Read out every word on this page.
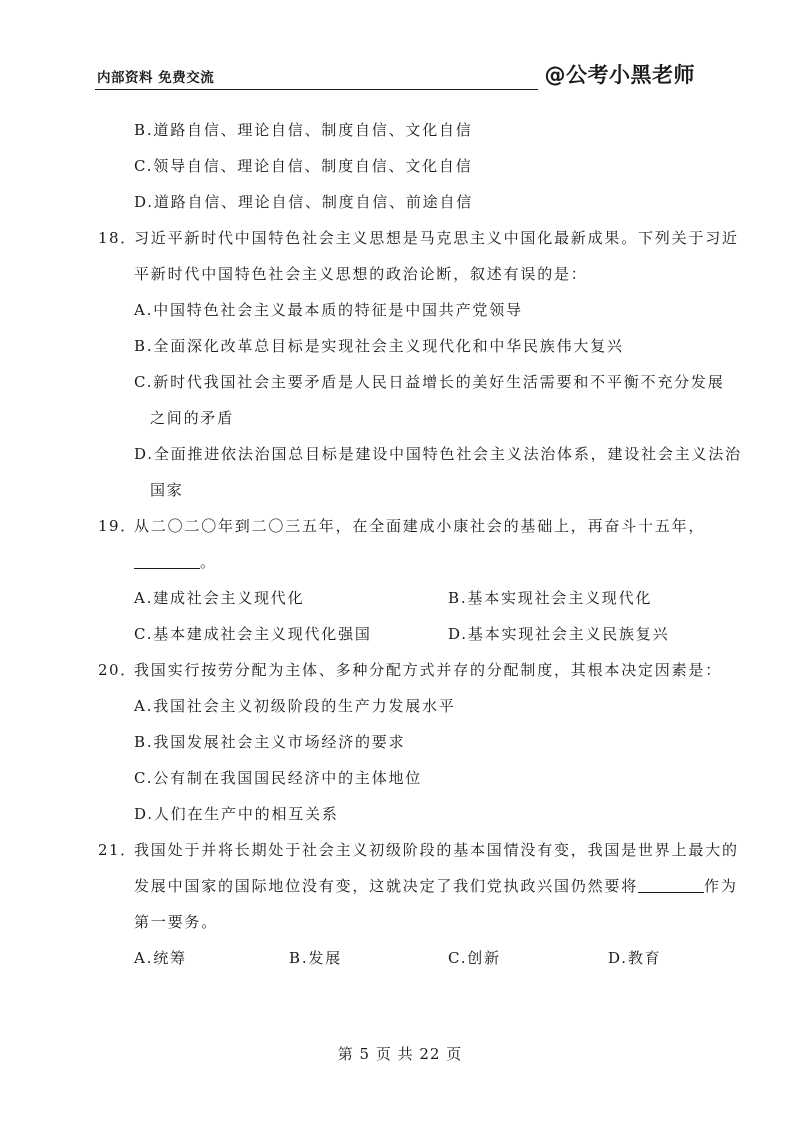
内部资料 免费交流	@公考小黑老师
B.道路自信、理论自信、制度自信、文化自信
C.领导自信、理论自信、制度自信、文化自信
D.道路自信、理论自信、制度自信、前途自信
18．
习近平新时代中国特色社会主义思想是马克思主义中国化最新成果。下列关于习近
平新时代中国特色社会主义思想的政治论断，叙述有误的是：
A.中国特色社会主义最本质的特征是中国共产党领导
B.全面深化改革总目标是实现社会主义现代化和中华民族伟大复兴
C.新时代我国社会主要矛盾是人民日益增长的美好生活需要和不平衡不充分发展
之间的矛盾
D.全面推进依法治国总目标是建设中国特色社会主义法治体系，建设社会主义法治
国家
19．
从二〇二〇年到二〇三五年，在全面建成小康社会的基础上，再奋斗十五年，
。
A.建成社会主义现代化	B.基本实现社会主义现代化
C.基本建成社会主义现代化强国	D.基本实现社会主义民族复兴
20．
我国实行按劳分配为主体、多种分配方式并存的分配制度，其根本决定因素是：
A.我国社会主义初级阶段的生产力发展水平
B.我国发展社会主义市场经济的要求
C.公有制在我国国民经济中的主体地位
D.人们在生产中的相互关系
21．
我国处于并将长期处于社会主义初级阶段的基本国情没有变，我国是世界上最大的
发展中国家的国际地位没有变，这就决定了我们党执政兴国仍然要将	作为
第一要务。
A.统筹	B.发展	C.创新	D.教育
第 5 页 共 22 页
